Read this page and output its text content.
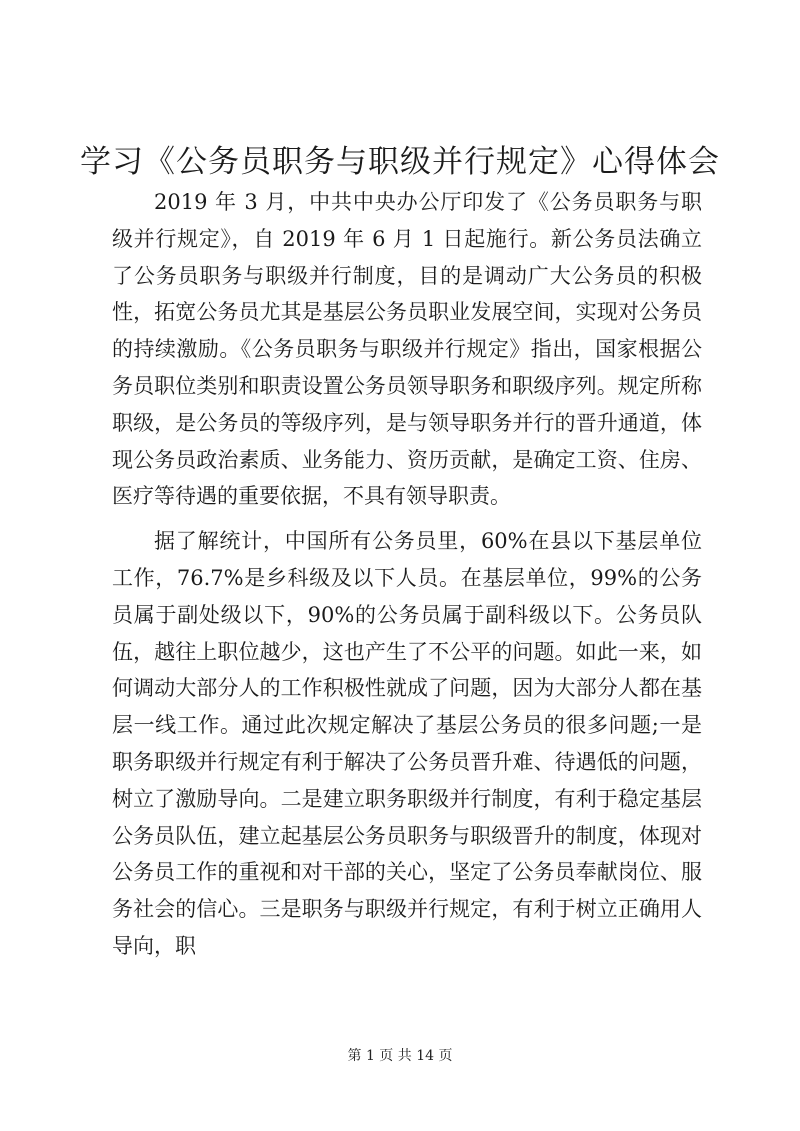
学习《公务员职务与职级并行规定》心得体会

2019 年 3 月，中共中央办公厅印发了《公务员职务与职级并行规定》，自 2019 年 6 月 1 日起施行。新公务员法确立了公务员职务与职级并行制度，目的是调动广大公务员的积极性，拓宽公务员尤其是基层公务员职业发展空间，实现对公务员的持续激励。《公务员职务与职级并行规定》指出，国家根据公务员职位类别和职责设置公务员领导职务和职级序列。规定所称职级，是公务员的等级序列，是与领导职务并行的晋升通道，体现公务员政治素质、业务能力、资历贡献，是确定工资、住房、医疗等待遇的重要依据，不具有领导职责。

据了解统计，中国所有公务员里，60%在县以下基层单位工作，76.7%是乡科级及以下人员。在基层单位，99%的公务员属于副处级以下，90%的公务员属于副科级以下。公务员队伍，越往上职位越少，这也产生了不公平的问题。如此一来，如何调动大部分人的工作积极性就成了问题，因为大部分人都在基层一线工作。通过此次规定解决了基层公务员的很多问题;一是职务职级并行规定有利于解决了公务员晋升难、待遇低的问题，树立了激励导向。二是建立职务职级并行制度，有利于稳定基层公务员队伍，建立起基层公务员职务与职级晋升的制度，体现对公务员工作的重视和对干部的关心，坚定了公务员奉献岗位、服务社会的信心。三是职务与职级并行规定，有利于树立正确用人导向，职

第 1 页 共 14 页
